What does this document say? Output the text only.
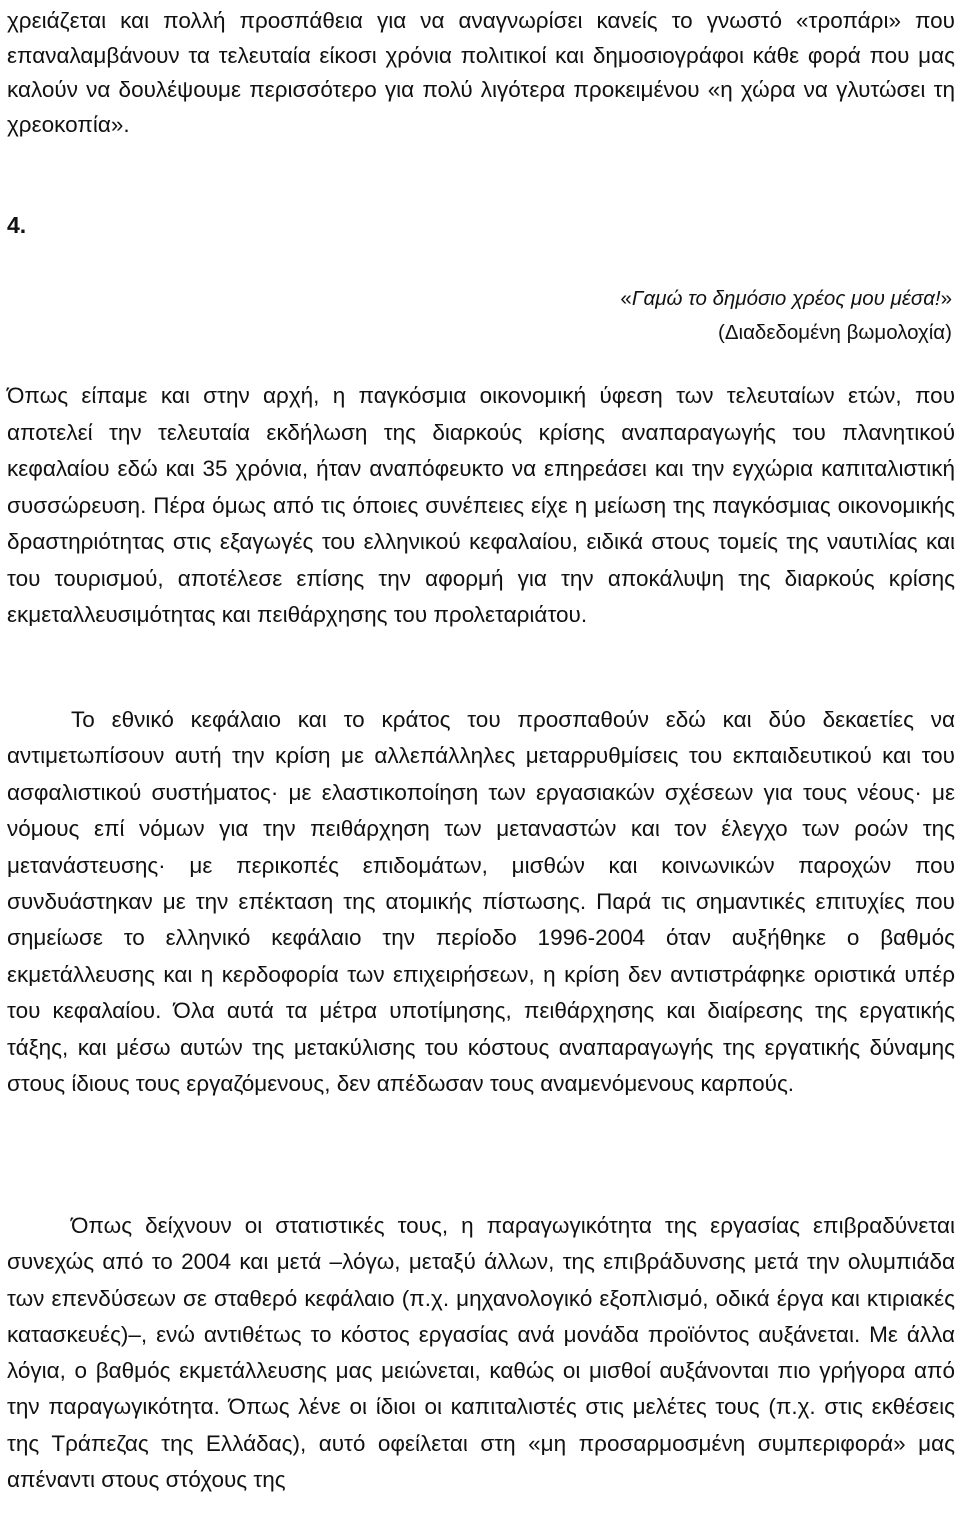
χρειάζεται και πολλή προσπάθεια για να αναγνωρίσει κανείς το γνωστό «τροπάρι» που επαναλαμβάνουν τα τελευταία είκοσι χρόνια πολιτικοί και δημοσιογράφοι κάθε φορά που μας καλούν να δουλέψουμε περισσότερο για πολύ λιγότερα προκειμένου «η χώρα να γλυτώσει τη χρεοκοπία».

4.
«Γαμώ το δημόσιο χρέος μου μέσα!»
(Διαδεδομένη βωμολοχία)

Όπως είπαμε και στην αρχή, η παγκόσμια οικονομική ύφεση των τελευταίων ετών, που αποτελεί την τελευταία εκδήλωση της διαρκούς κρίσης αναπαραγωγής του πλανητικού κεφαλαίου εδώ και 35 χρόνια, ήταν αναπόφευκτο να επηρεάσει και την εγχώρια καπιταλιστική συσσώρευση. Πέρα όμως από τις όποιες συνέπειες είχε η μείωση της παγκόσμιας οικονομικής δραστηριότητας στις εξαγωγές του ελληνικού κεφαλαίου, ειδικά στους τομείς της ναυτιλίας και του τουρισμού, αποτέλεσε επίσης την αφορμή για την αποκάλυψη της διαρκούς κρίσης εκμεταλλευσιμότητας και πειθάρχησης του προλεταριάτου.

Το εθνικό κεφάλαιο και το κράτος του προσπαθούν εδώ και δύο δεκαετίες να αντιμετωπίσουν αυτή την κρίση με αλλεπάλληλες μεταρρυθμίσεις του εκπαιδευτικού και του ασφαλιστικού συστήματος· με ελαστικοποίηση των εργασιακών σχέσεων για τους νέους· με νόμους επί νόμων για την πειθάρχηση των μεταναστών και τον έλεγχο των ροών της μετανάστευσης· με περικοπές επιδομάτων, μισθών και κοινωνικών παροχών που συνδυάστηκαν με την επέκταση της ατομικής πίστωσης. Παρά τις σημαντικές επιτυχίες που σημείωσε το ελληνικό κεφάλαιο την περίοδο 1996-2004 όταν αυξήθηκε ο βαθμός εκμετάλλευσης και η κερδοφορία των επιχειρήσεων, η κρίση δεν αντιστράφηκε οριστικά υπέρ του κεφαλαίου. Όλα αυτά τα μέτρα υποτίμησης, πειθάρχησης και διαίρεσης της εργατικής τάξης, και μέσω αυτών της μετακύλισης του κόστους αναπαραγωγής της εργατικής δύναμης στους ίδιους τους εργαζόμενους, δεν απέδωσαν τους αναμενόμενους καρπούς.

Όπως δείχνουν οι στατιστικές τους, η παραγωγικότητα της εργασίας επιβραδύνεται συνεχώς από το 2004 και μετά –λόγω, μεταξύ άλλων, της επιβράδυνσης μετά την ολυμπιάδα των επενδύσεων σε σταθερό κεφάλαιο (π.χ. μηχανολογικό εξοπλισμό, οδικά έργα και κτιριακές κατασκευές)–, ενώ αντιθέτως το κόστος εργασίας ανά μονάδα προϊόντος αυξάνεται. Με άλλα λόγια, ο βαθμός εκμετάλλευσης μας μειώνεται, καθώς οι μισθοί αυξάνονται πιο γρήγορα από την παραγωγικότητα. Όπως λένε οι ίδιοι οι καπιταλιστές στις μελέτες τους (π.χ. στις εκθέσεις της Τράπεζας της Ελλάδας), αυτό οφείλεται στη «μη προσαρμοσμένη συμπεριφορά» μας απέναντι στους στόχους της
